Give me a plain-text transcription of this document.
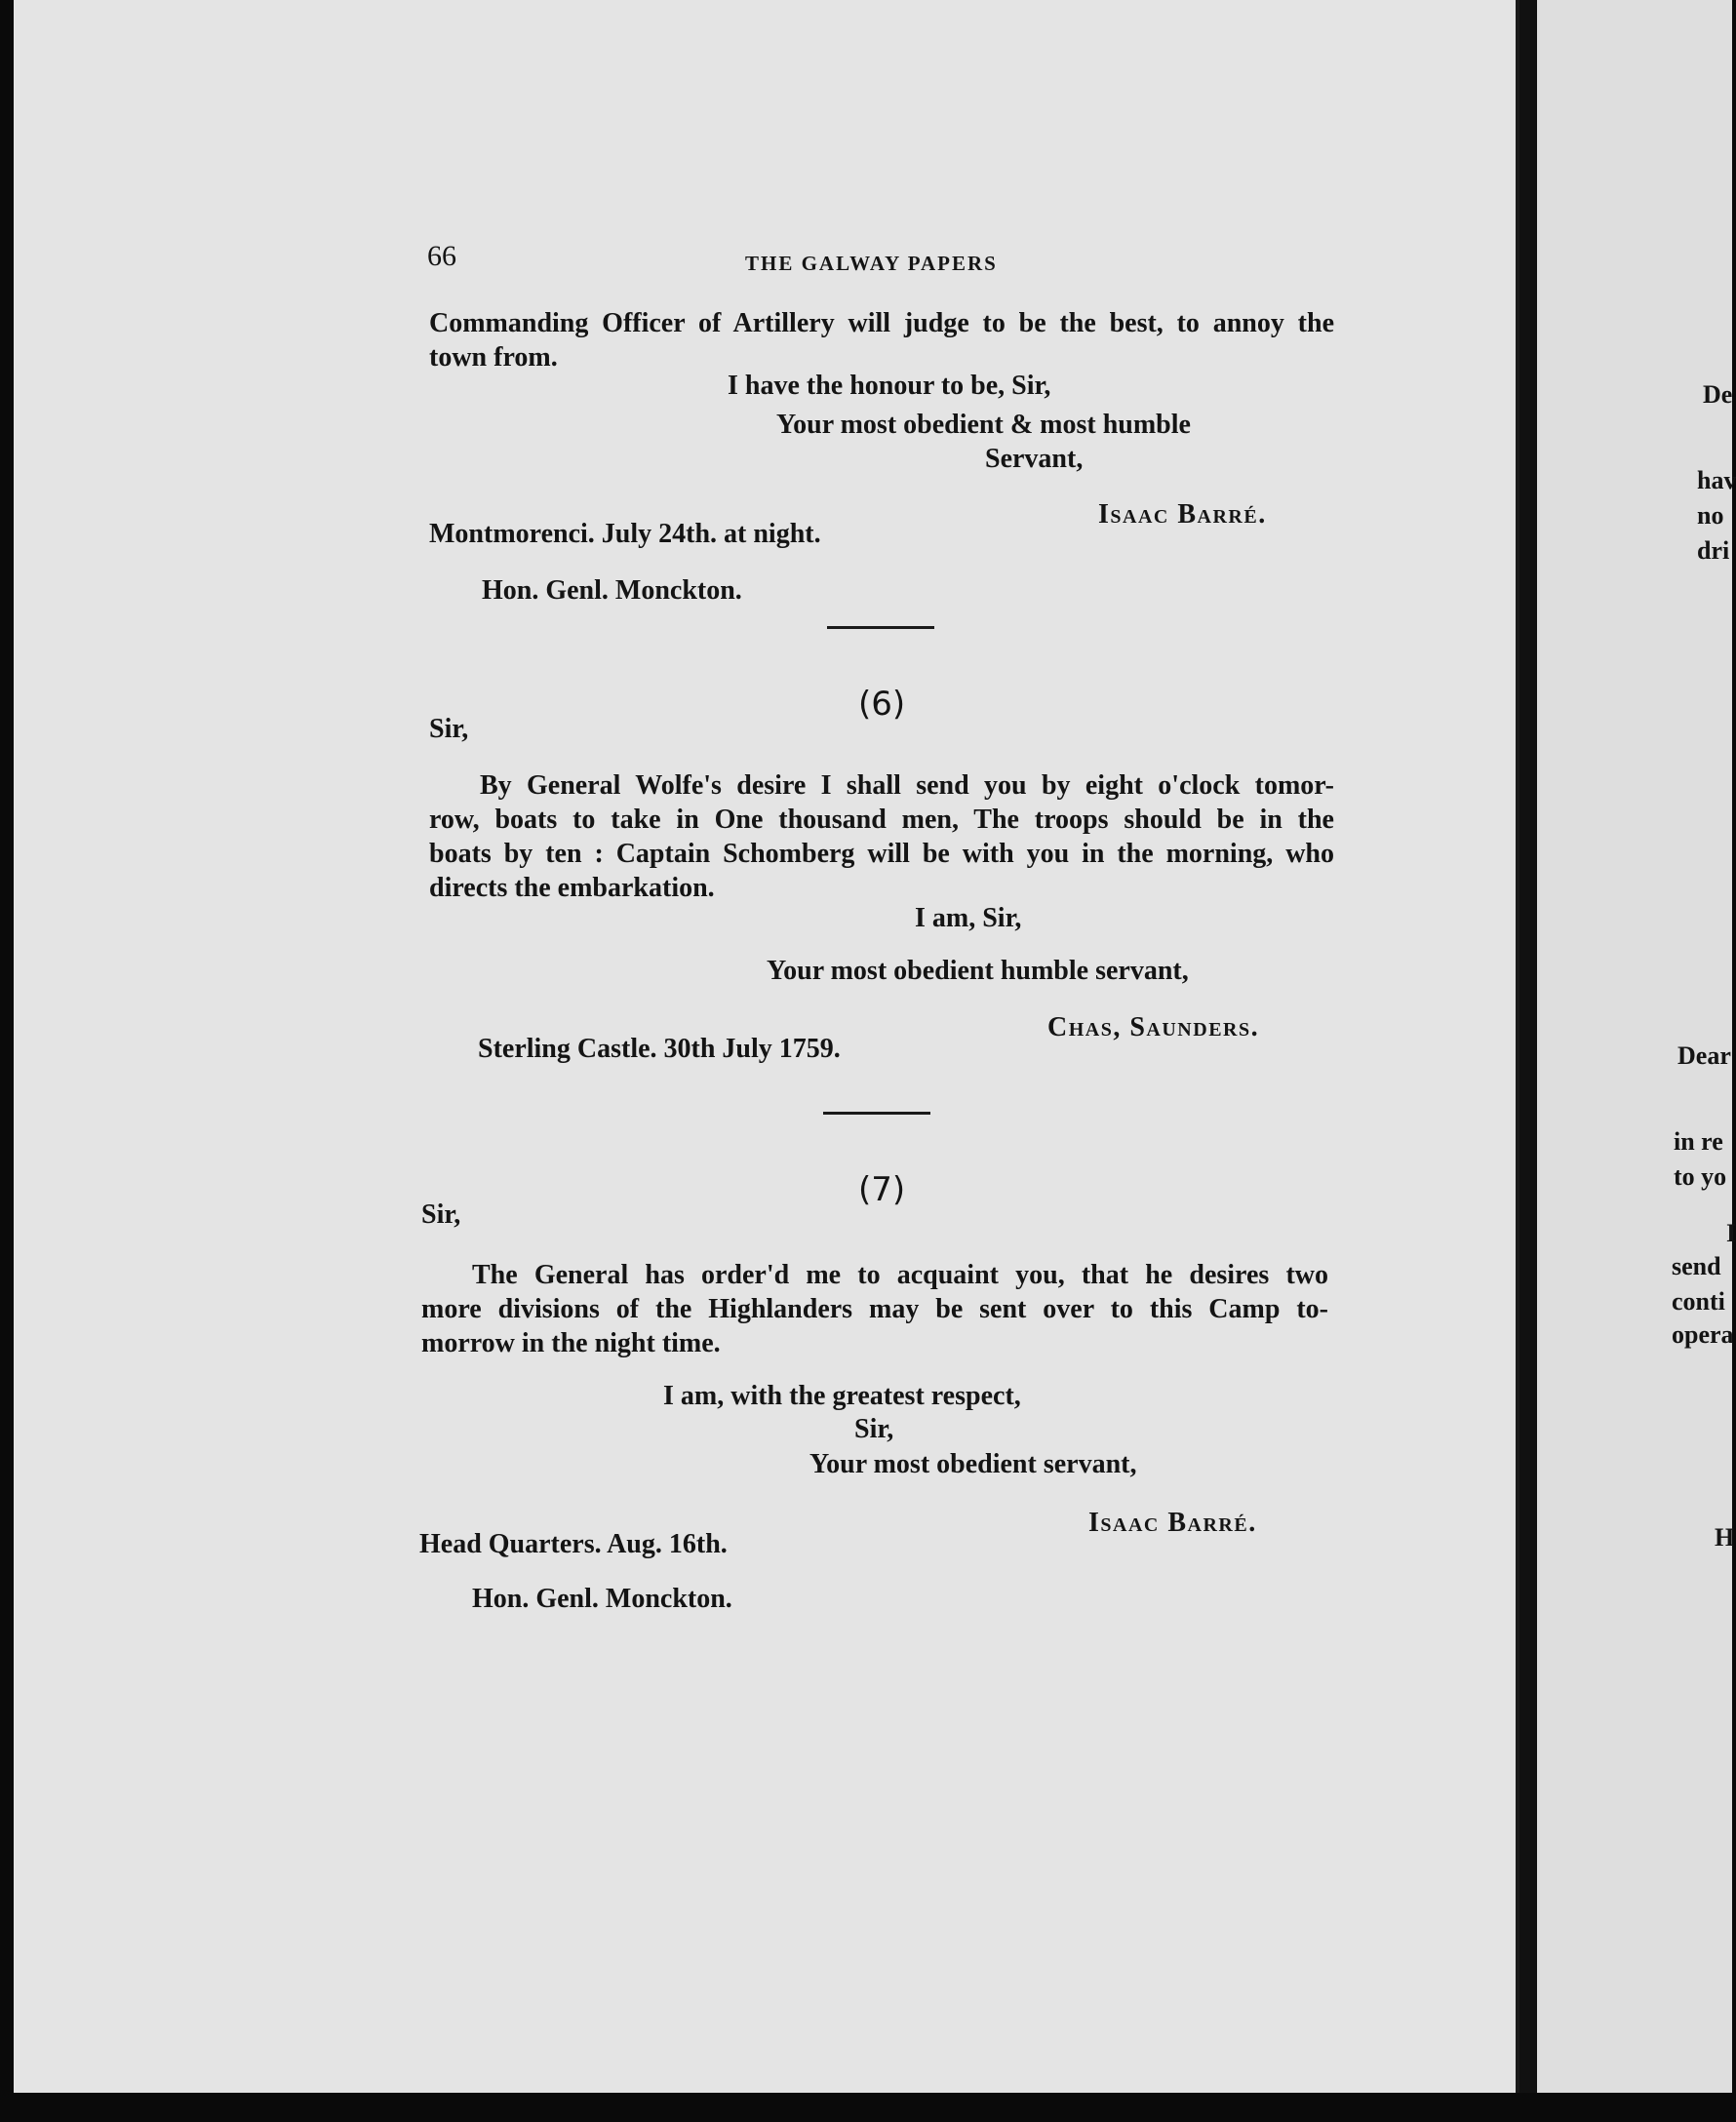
66	THE GALWAY PAPERS
Commanding Officer of Artillery will judge to be the best, to annoy the
town from.
I have the honour to be, Sir,
Your most obedient & most humble
Servant,
Isaac Barré.
Montmorenci. July 24th. at night.
Hon. Genl. Monckton.
(6)
Sir,
By General Wolfe's desire I shall send you by eight o'clock tomor-
row, boats to take in One thousand men, The troops should be in the
boats by ten : Captain Schomberg will be with you in the morning, who
directs the embarkation.
I am, Sir,
Your most obedient humble servant,
Chas, Saunders.
Sterling Castle. 30th July 1759.
(7)
Sir,
The General has order'd me to acquaint you, that he desires two
more divisions of the Highlanders may be sent over to this Camp to-
morrow in the night time.
I am, with the greatest respect,
Sir,
Your most obedient servant,
Isaac Barré.
Head Quarters. Aug. 16th.
Hon. Genl. Monckton.
De
hav
no
dri
Dear
in re
to yo
I
send
conti
opera
H
